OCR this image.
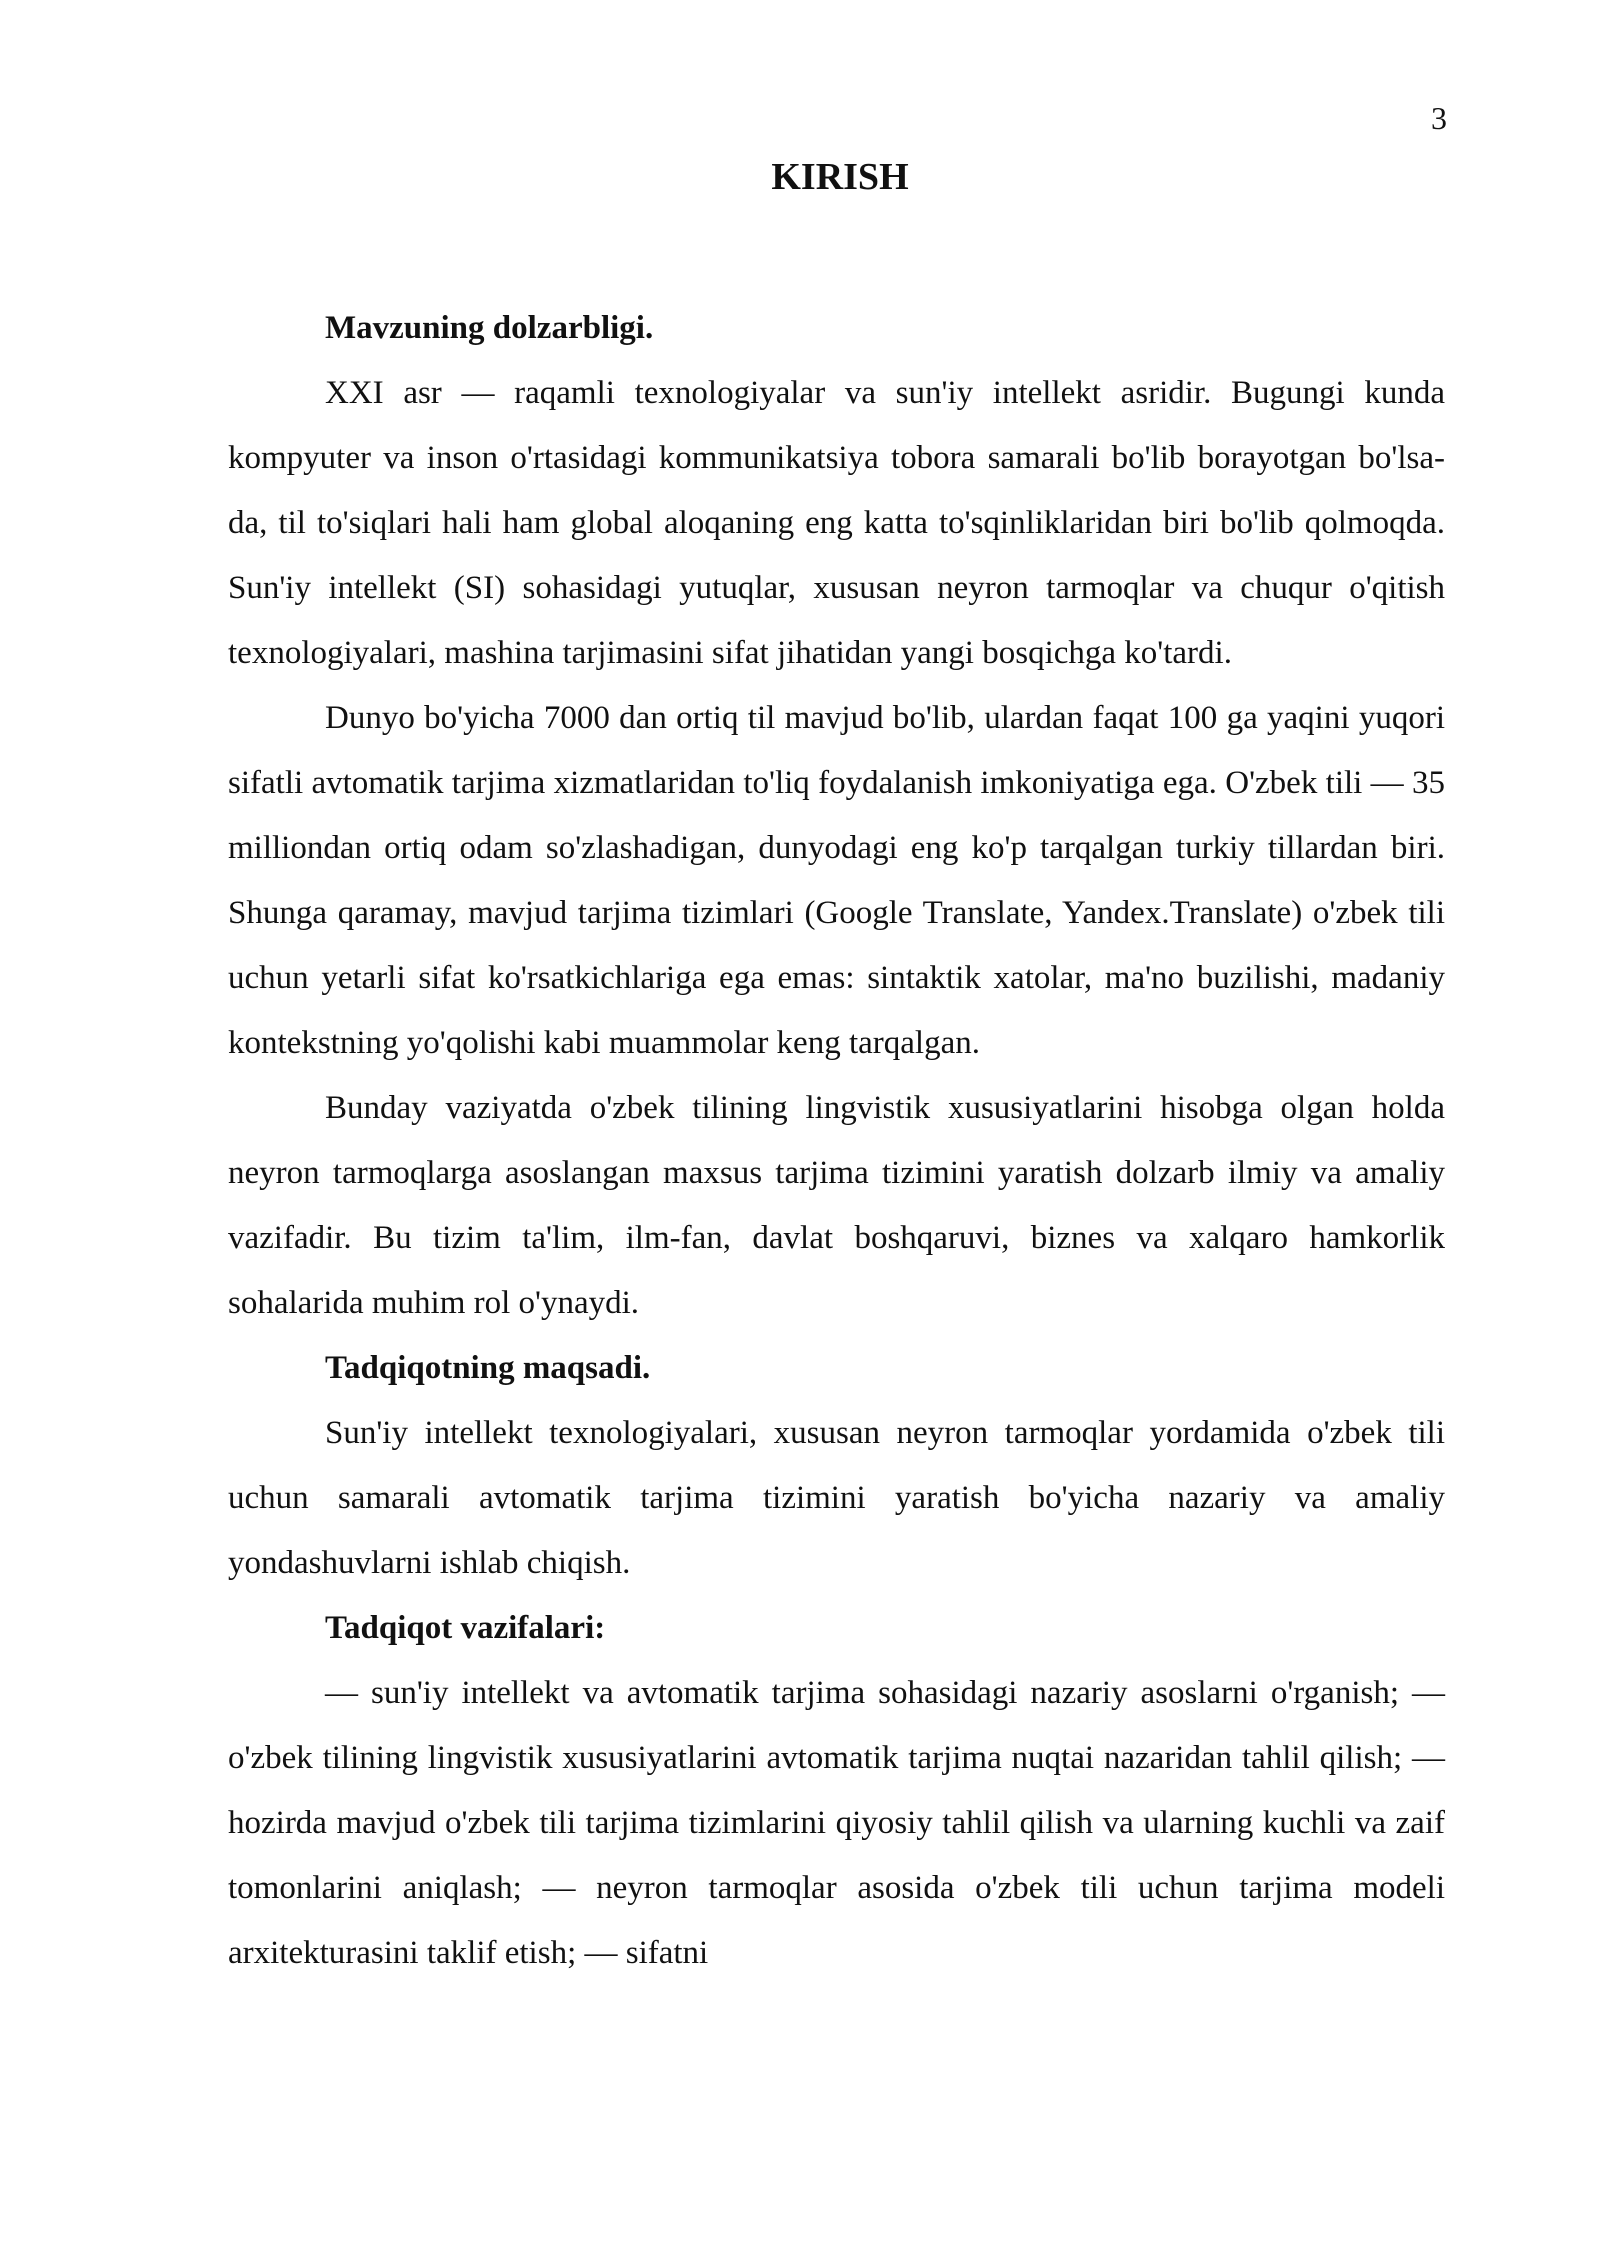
3
KIRISH
Mavzuning dolzarbligi.

XXI asr — raqamli texnologiyalar va sun'iy intellekt asridir. Bugungi kunda kompyuter va inson o'rtasidagi kommunikatsiya tobora samarali bo'lib borayotgan bo'lsa-da, til to'siqlari hali ham global aloqaning eng katta to'sqinliklaridan biri bo'lib qolmoqda. Sun'iy intellekt (SI) sohasidagi yutuqlar, xususan neyron tarmoqlar va chuqur o'qitish texnologiyalari, mashina tarjimasini sifat jihatidan yangi bosqichga ko'tardi.

Dunyo bo'yicha 7000 dan ortiq til mavjud bo'lib, ulardan faqat 100 ga yaqini yuqori sifatli avtomatik tarjima xizmatlaridan to'liq foydalanish imkoniyatiga ega. O'zbek tili — 35 milliondan ortiq odam so'zlashadigan, dunyodagi eng ko'p tarqalgan turkiy tillardan biri. Shunga qaramay, mavjud tarjima tizimlari (Google Translate, Yandex.Translate) o'zbek tili uchun yetarli sifat ko'rsatkichlariga ega emas: sintaktik xatolar, ma'no buzilishi, madaniy kontekstning yo'qolishi kabi muammolar keng tarqalgan.

Bunday vaziyatda o'zbek tilining lingvistik xususiyatlarini hisobga olgan holda neyron tarmoqlarga asoslangan maxsus tarjima tizimini yaratish dolzarb ilmiy va amaliy vazifadir. Bu tizim ta'lim, ilm-fan, davlat boshqaruvi, biznes va xalqaro hamkorlik sohalarida muhim rol o'ynaydi.

Tadqiqotning maqsadi.

Sun'iy intellekt texnologiyalari, xususan neyron tarmoqlar yordamida o'zbek tili uchun samarali avtomatik tarjima tizimini yaratish bo'yicha nazariy va amaliy yondashuvlarni ishlab chiqish.

Tadqiqot vazifalari:

— sun'iy intellekt va avtomatik tarjima sohasidagi nazariy asoslarni o'rganish; — o'zbek tilining lingvistik xususiyatlarini avtomatik tarjima nuqtai nazaridan tahlil qilish; — hozirda mavjud o'zbek tili tarjima tizimlarini qiyosiy tahlil qilish va ularning kuchli va zaif tomonlarini aniqlash; — neyron tarmoqlar asosida o'zbek tili uchun tarjima modeli arxitekturasini taklif etish; — sifatni
